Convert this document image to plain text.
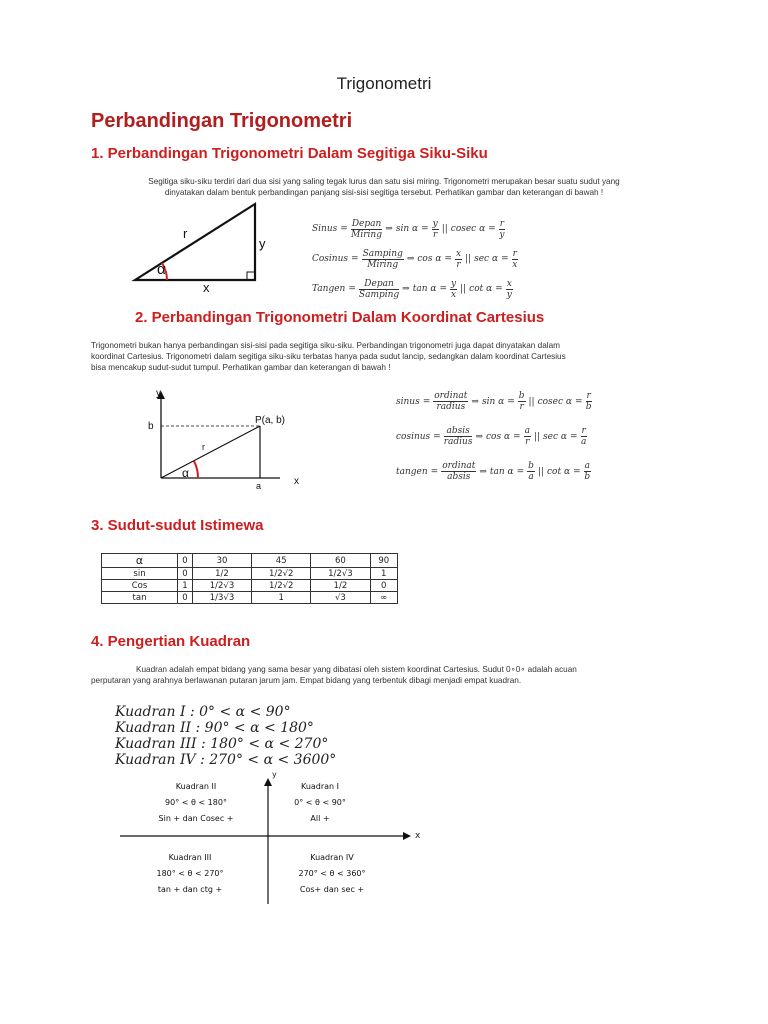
Trigonometri
Perbandingan Trigonometri
1. Perbandingan Trigonometri Dalam Segitiga Siku-Siku
Segitiga siku-siku terdiri dari dua sisi yang saling tegak lurus dan satu sisi miring. Trigonometri merupakan besar suatu sudut yang
dinyatakan dalam bentuk perbandingan panjang sisi-sisi segitiga tersebut. Perhatikan gambar dan keterangan di bawah !
r
y
x
α
Sinus = $\frac{\text{Depan}}{\text{Miring}}$ ⇒ $\sin \alpha = \frac{y}{r}$ || cosec $\alpha = \frac{r}{y}$
Cosinus = $\frac{\text{Samping}}{\text{Miring}}$ ⇒ $\cos \alpha = \frac{x}{r}$ || $\sec \alpha = \frac{r}{x}$
Tangen = $\frac{\text{Depan}}{\text{Samping}}$ ⇒ $\tan \alpha = \frac{y}{x}$ || $\cot \alpha = \frac{x}{y}$
2. Perbandingan Trigonometri Dalam Koordinat Cartesius
Trigonometri bukan hanya perbandingan sisi-sisi pada segitiga siku-siku. Perbandingan trigonometri juga dapat dinyatakan dalam
koordinat Cartesius. Trigonometri dalam segitiga siku-siku terbatas hanya pada sudut lancip, sedangkan dalam koordinat Cartesius
bisa mencakup sudut-sudut tumpul. Perhatikan gambar dan keterangan di bawah !
y
x
b
a
r
P(a, b)
α
sinus = $\frac{\text{ordinat}}{\text{radius}}$ ⇒ $\sin \alpha = \frac{b}{r}$ || cosec $\alpha = \frac{r}{b}$
cosinus = $\frac{\text{absis}}{\text{radius}}$ ⇒ $\cos \alpha = \frac{a}{r}$ || $\sec \alpha = \frac{r}{a}$
tangen = $\frac{\text{ordinat}}{\text{absis}}$ ⇒ $\tan \alpha = \frac{b}{a}$ || $\cot \alpha = \frac{a}{b}$
3. Sudut-sudut Istimewa
α	0	30	45	60	90
sin	0	1/2	1/2√2	1/2√3	1
Cos	1	1/2√3	1/2√2	1/2	0
tan	0	1/3√3	1	√3	∞
4. Pengertian Kuadran
Kuadran adalah empat bidang yang sama besar yang dibatasi oleh sistem koordinat Cartesius. Sudut 0∘0∘ adalah acuan
perputaran yang arahnya berlawanan putaran jarum jam. Empat bidang yang terbentuk dibagi menjadi empat kuadran.
Kuadran I : 0° < α < 90°
Kuadran II : 90° < α < 180°
Kuadran III : 180° < α < 270°
Kuadran IV : 270° < α < 3600°
y
x
Kuadran II
90° < θ < 180°
Sin + dan Cosec +
Kuadran I
0° < θ < 90°
All +
Kuadran III
180° < θ < 270°
tan + dan ctg +
Kuadran IV
270° < θ < 360°
Cos+ dan sec +
